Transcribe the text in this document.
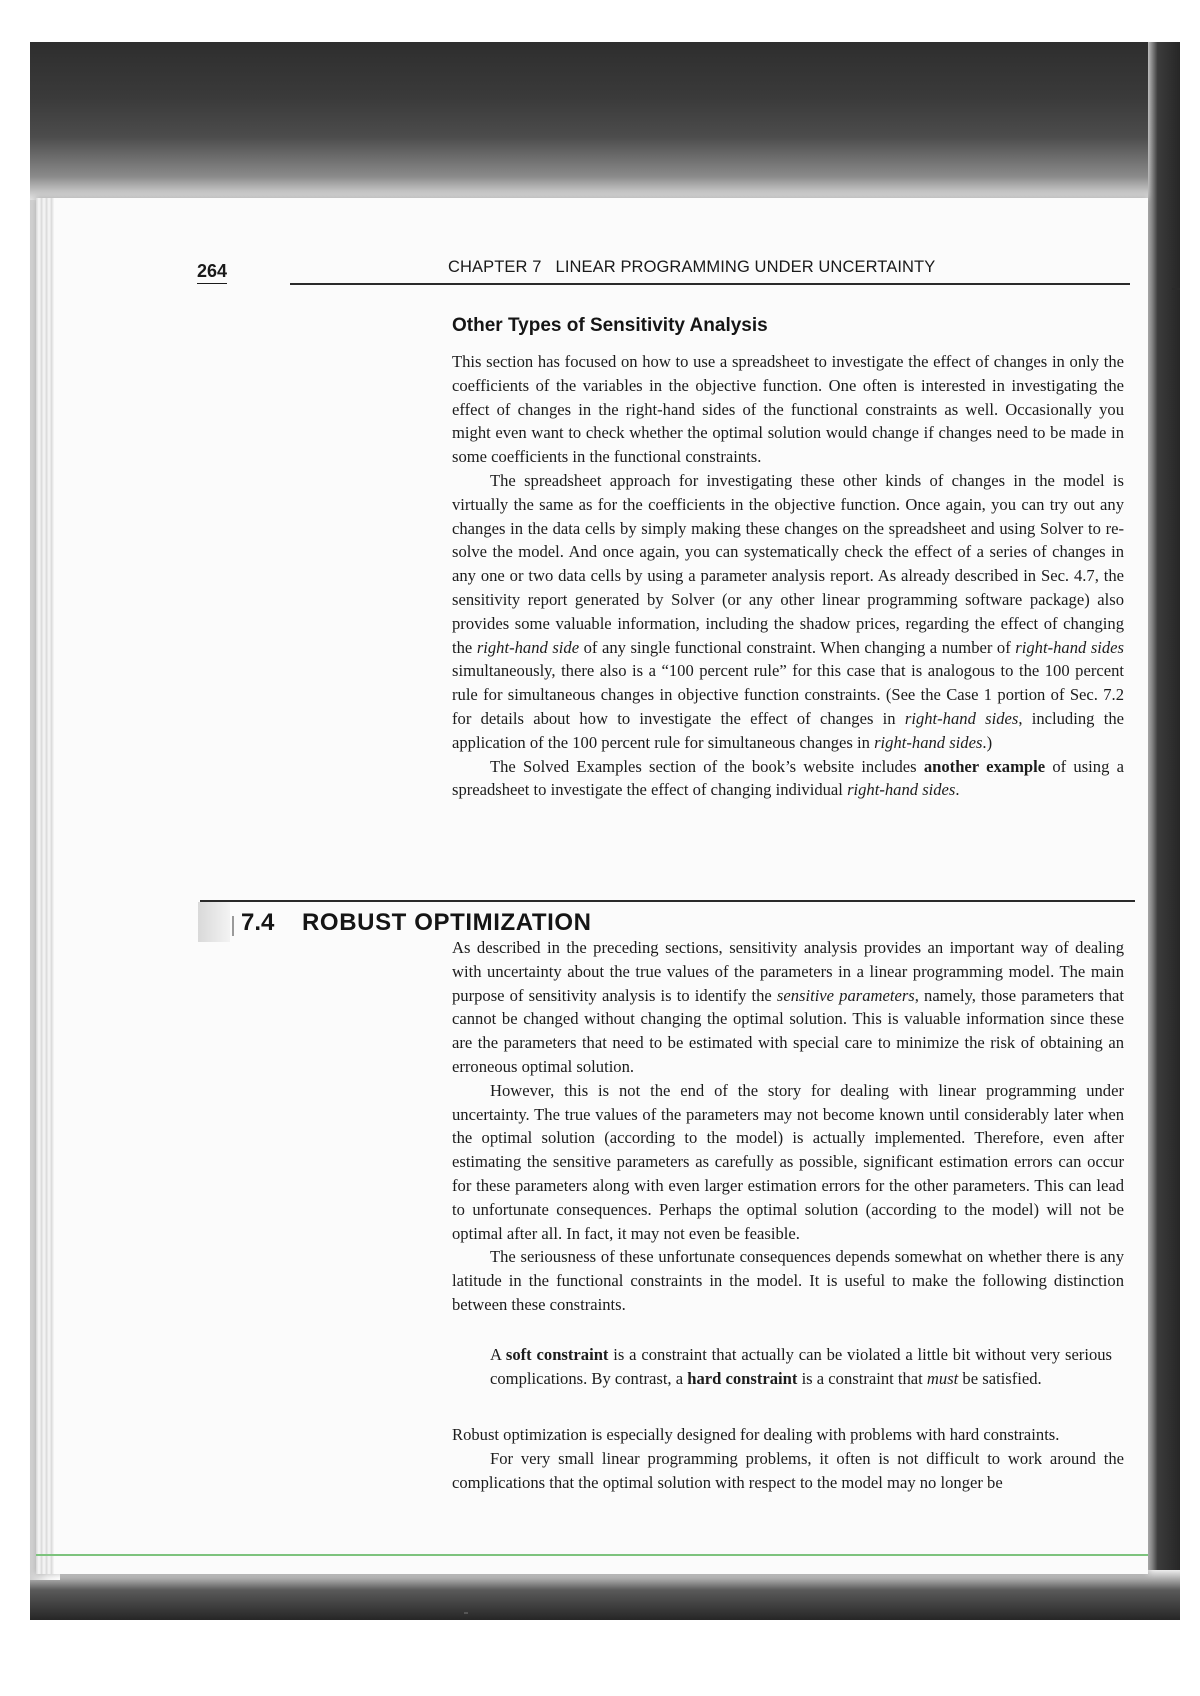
264	CHAPTER 7   LINEAR PROGRAMMING UNDER UNCERTAINTY
Other Types of Sensitivity Analysis

This section has focused on how to use a spreadsheet to investigate the effect of changes in only the coefficients of the variables in the objective function. One often is interested in investigating the effect of changes in the right-hand sides of the functional constraints as well. Occasionally you might even want to check whether the optimal solution would change if changes need to be made in some coefficients in the functional constraints.

The spreadsheet approach for investigating these other kinds of changes in the model is virtually the same as for the coefficients in the objective function. Once again, you can try out any changes in the data cells by simply making these changes on the spreadsheet and using Solver to re-solve the model. And once again, you can systematically check the effect of a series of changes in any one or two data cells by using a parameter analysis report. As already described in Sec. 4.7, the sensitivity report generated by Solver (or any other linear programming software package) also provides some valuable information, including the shadow prices, regarding the effect of changing the right-hand side of any single functional constraint. When changing a number of right-hand sides simultaneously, there also is a “100 percent rule” for this case that is analogous to the 100 percent rule for simultaneous changes in objective function constraints. (See the Case 1 portion of Sec. 7.2 for details about how to investigate the effect of changes in right-hand sides, including the application of the 100 percent rule for simultaneous changes in right-hand sides.)

The Solved Examples section of the book’s website includes another example of using a spreadsheet to investigate the effect of changing individual right-hand sides.

7.4 ROBUST OPTIMIZATION

As described in the preceding sections, sensitivity analysis provides an important way of dealing with uncertainty about the true values of the parameters in a linear programming model. The main purpose of sensitivity analysis is to identify the sensitive parameters, namely, those parameters that cannot be changed without changing the optimal solution. This is valuable information since these are the parameters that need to be estimated with special care to minimize the risk of obtaining an erroneous optimal solution.

However, this is not the end of the story for dealing with linear programming under uncertainty. The true values of the parameters may not become known until considerably later when the optimal solution (according to the model) is actually implemented. Therefore, even after estimating the sensitive parameters as carefully as possible, significant estimation errors can occur for these parameters along with even larger estimation errors for the other parameters. This can lead to unfortunate consequences. Perhaps the optimal solution (according to the model) will not be optimal after all. In fact, it may not even be feasible.

The seriousness of these unfortunate consequences depends somewhat on whether there is any latitude in the functional constraints in the model. It is useful to make the following distinction between these constraints.

A soft constraint is a constraint that actually can be violated a little bit without very serious complications. By contrast, a hard constraint is a constraint that must be satisfied.

Robust optimization is especially designed for dealing with problems with hard constraints.

For very small linear programming problems, it often is not difficult to work around the complications that the optimal solution with respect to the model may no longer be
